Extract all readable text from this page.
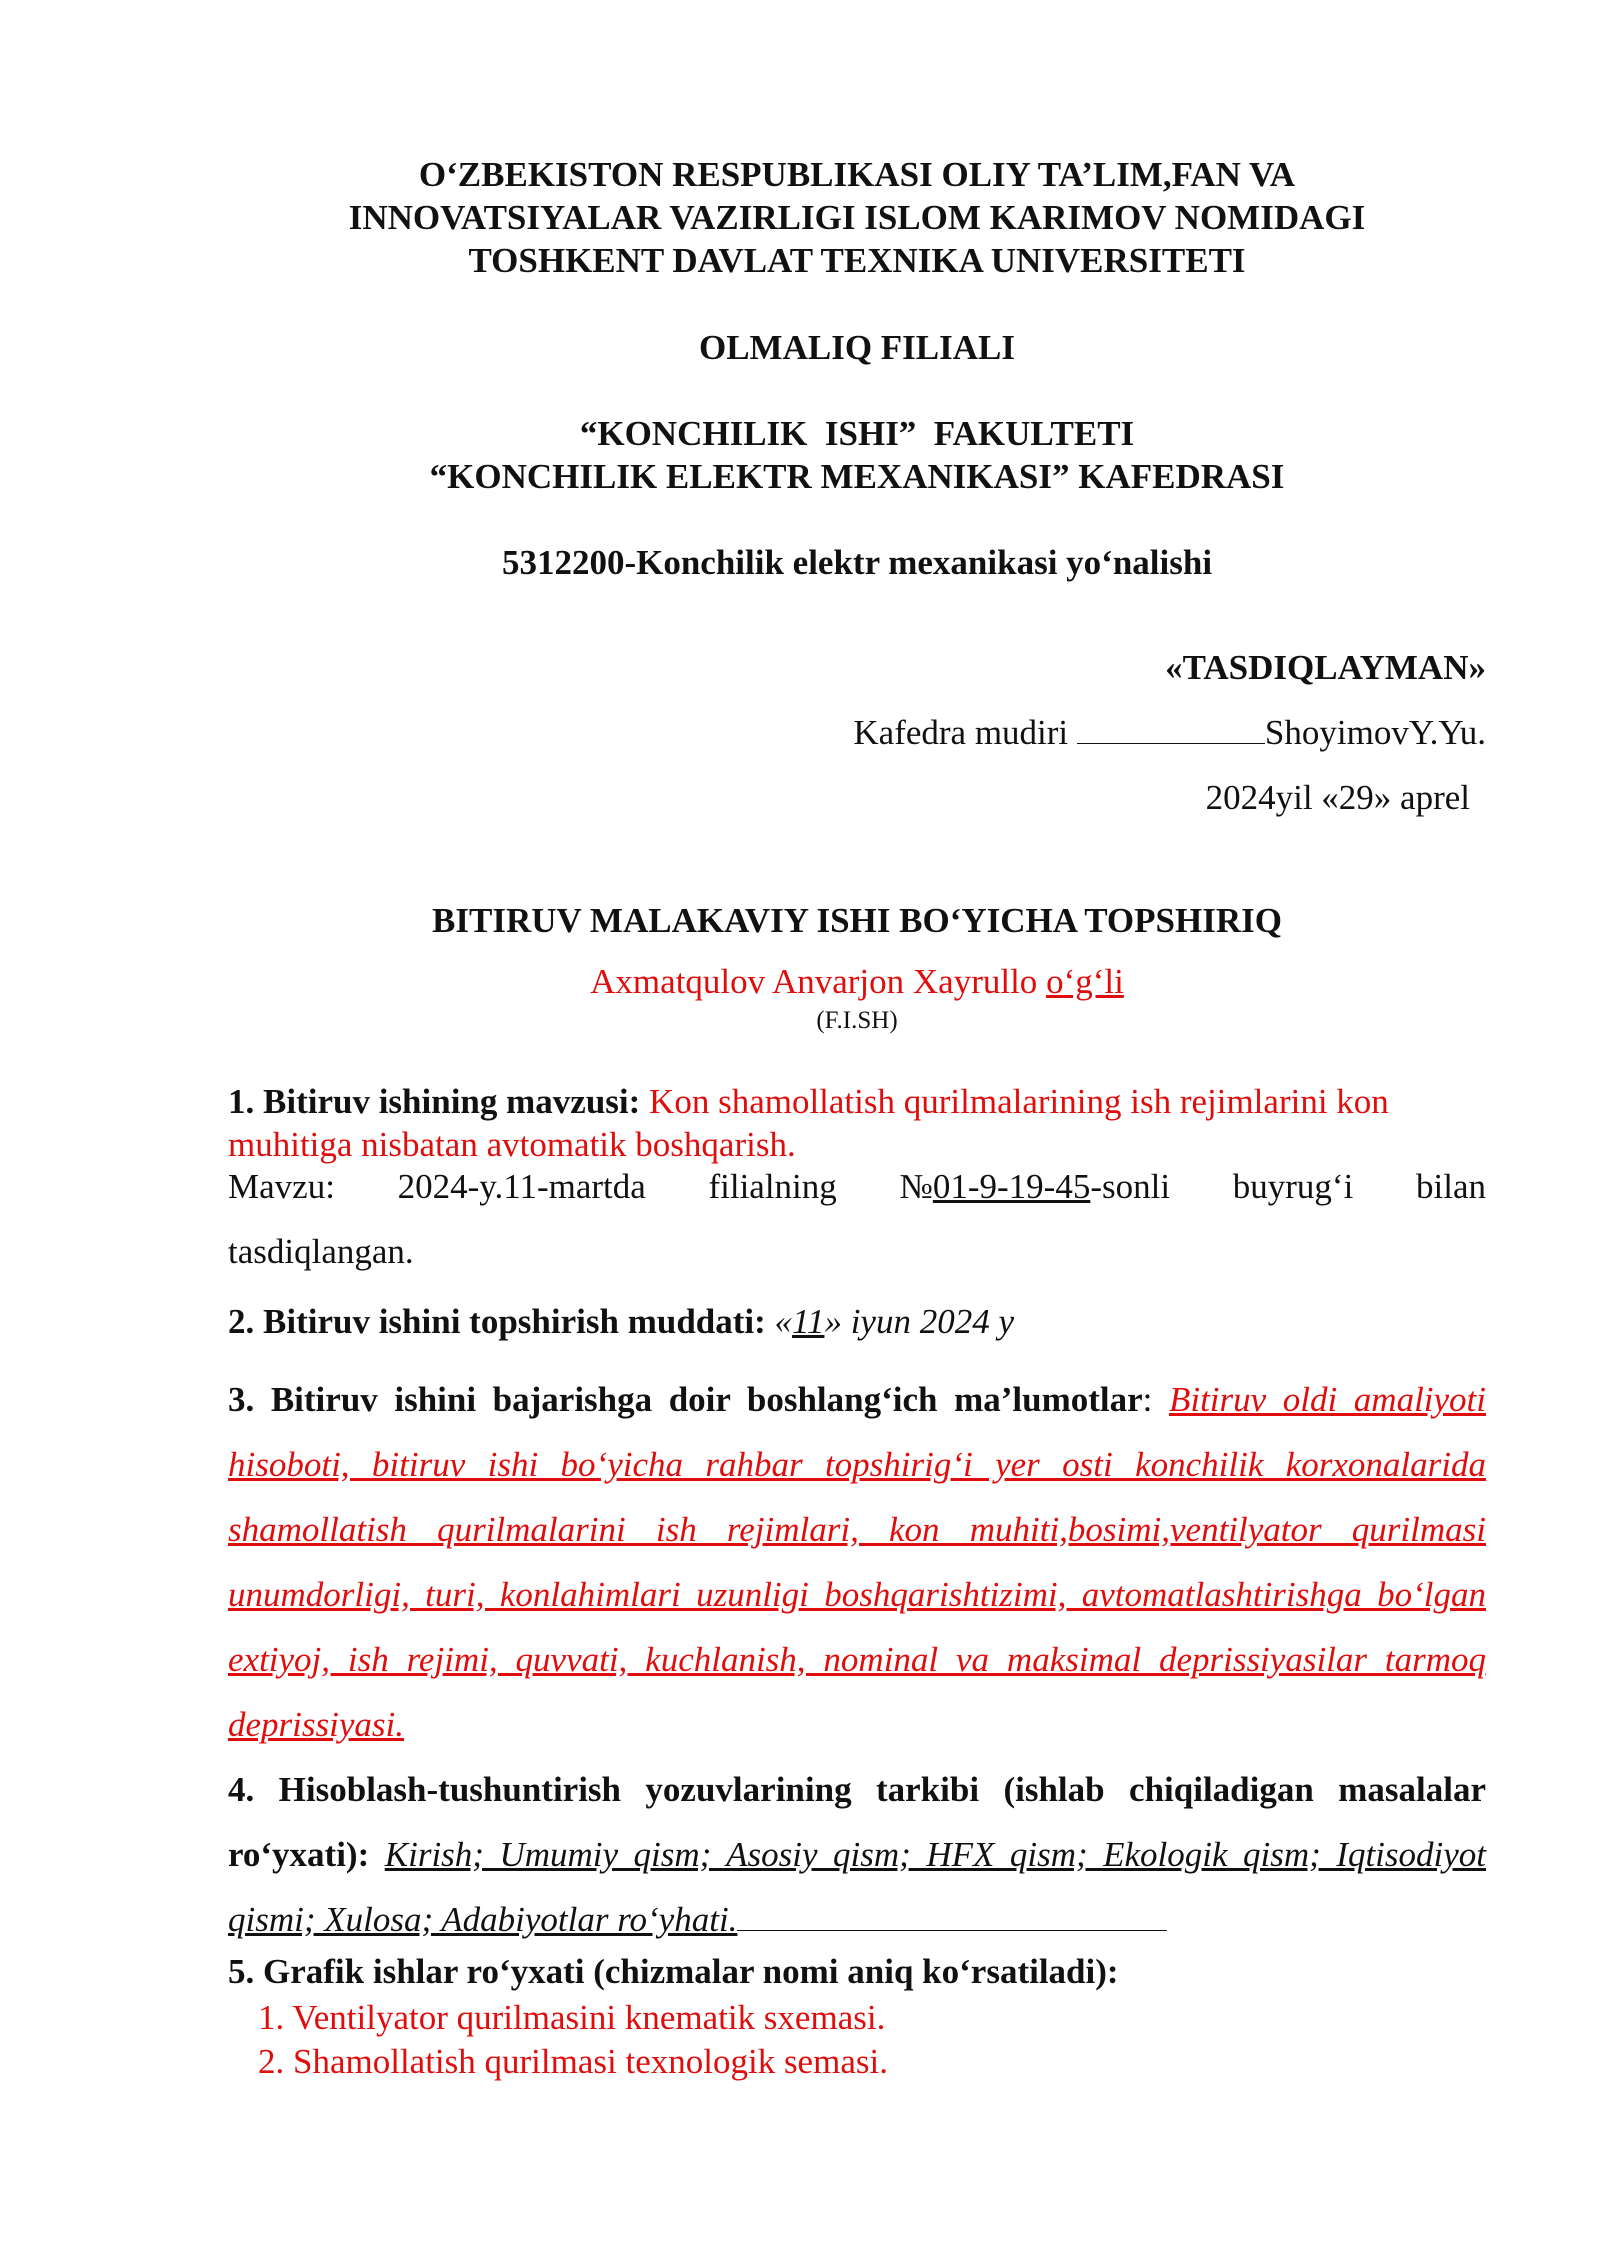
O‘ZBEKISTON RESPUBLIKASI OLIY TA’LIM,FAN VA
INNOVATSIYALAR VAZIRLIGI ISLOM KARIMOV NOMIDAGI
TOSHKENT DAVLAT TEXNIKA UNIVERSITETI
OLMALIQ FILIALI
“KONCHILIK  ISHI”  FAKULTETI
“KONCHILIK ELEKTR MEXANIKASI” KAFEDRASI
5312200-Konchilik elektr mexanikasi yo‘nalishi
«TASDIQLAYMAN»
Kafedra mudiri	ShoyimovY.Yu.
2024yil «29» aprel
BITIRUV MALAKAVIY ISHI BO‘YICHA TOPSHIRIQ
Axmatqulov Anvarjon Xayrullo o‘g‘li
(F.I.SH)
1. Bitiruv ishining mavzusi: Kon shamollatish qurilmalarining ish rejimlarini kon muhitiga nisbatan avtomatik boshqarish.
Mavzu: 2024-y.11-martda filialning №01-9-19-45-sonli buyrug‘i bilan
tasdiqlangan.
2. Bitiruv ishini topshirish muddati: «11» iyun 2024 y
3. Bitiruv ishini bajarishga doir boshlang‘ich ma’lumotlar: Bitiruv oldi amaliyoti hisoboti, bitiruv ishi bo‘yicha rahbar topshirig‘i yer osti konchilik korxonalarida shamollatish qurilmalarini ish rejimlari, kon muhiti,bosimi,ventilyator qurilmasi unumdorligi, turi, konlahimlari uzunligi boshqarishtizimi, avtomatlashtirishga bo‘lgan extiyoj, ish rejimi, quvvati, kuchlanish, nominal va maksimal deprissiyasilar tarmoq deprissiyasi.
4. Hisoblash-tushuntirish yozuvlarining tarkibi (ishlab chiqiladigan masalalar ro‘yxati): Kirish; Umumiy qism; Asosiy qism; HFX qism; Ekologik qism; Iqtisodiyot qismi; Xulosa; Adabiyotlar ro‘yhati.
5. Grafik ishlar ro‘yxati (chizmalar nomi aniq ko‘rsatiladi):
1. Ventilyator qurilmasini knematik sxemasi.
2. Shamollatish qurilmasi texnologik semasi.
